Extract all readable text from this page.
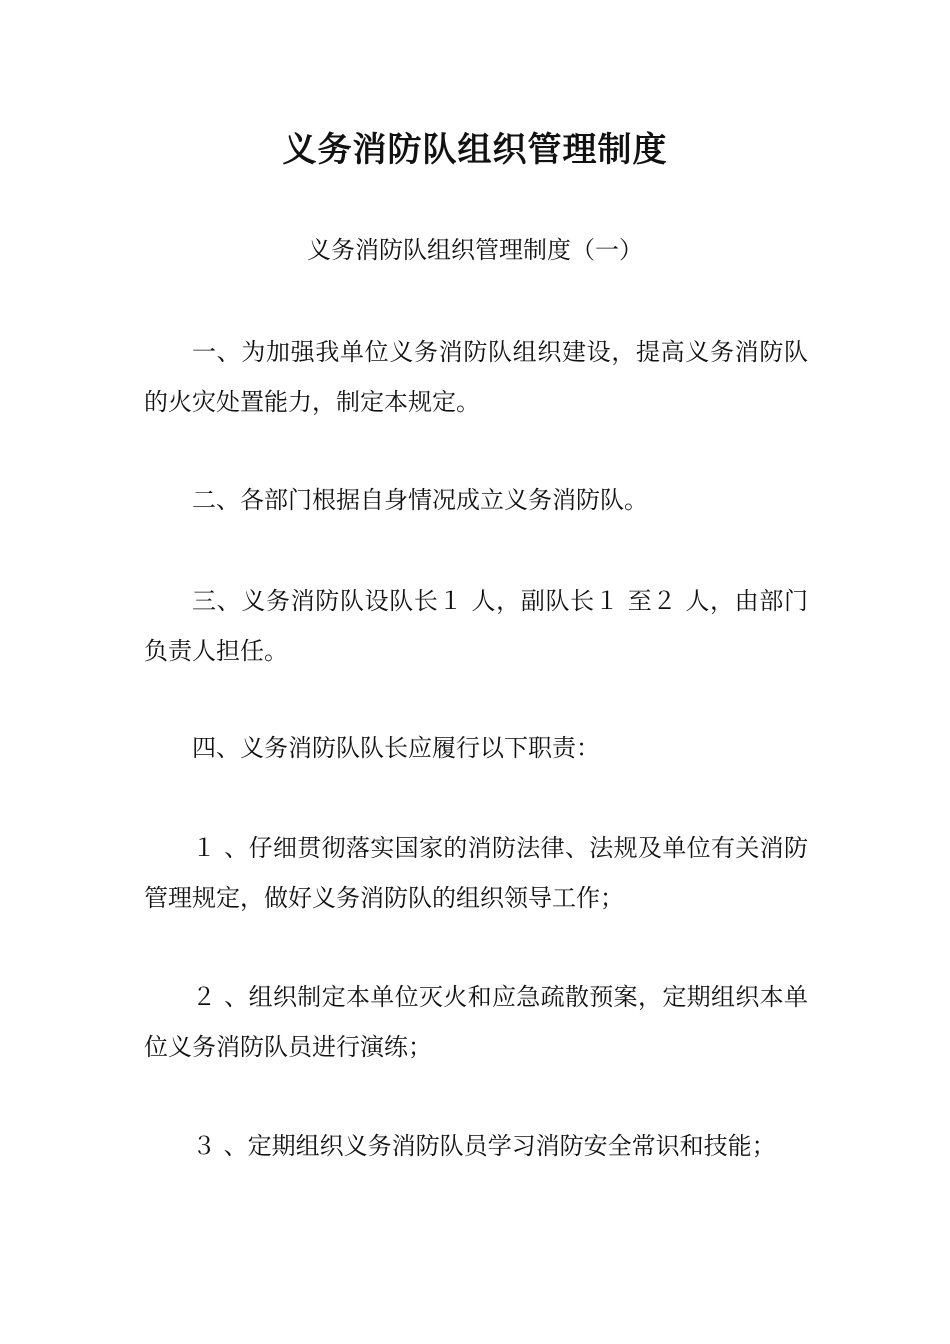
义务消防队组织管理制度
义务消防队组织管理制度（一）

一、为加强我单位义务消防队组织建设，提高义务消防队的火灾处置能力，制定本规定。

二、各部门根据自身情况成立义务消防队。

三、义务消防队设队长１ 人，副队长１ 至２ 人，由部门负责人担任。

四、义务消防队队长应履行以下职责：

１ 、仔细贯彻落实国家的消防法律、法规及单位有关消防管理规定，做好义务消防队的组织领导工作；

２ 、组织制定本单位灭火和应急疏散预案，定期组织本单位义务消防队员进行演练；

３ 、定期组织义务消防队员学习消防安全常识和技能；
